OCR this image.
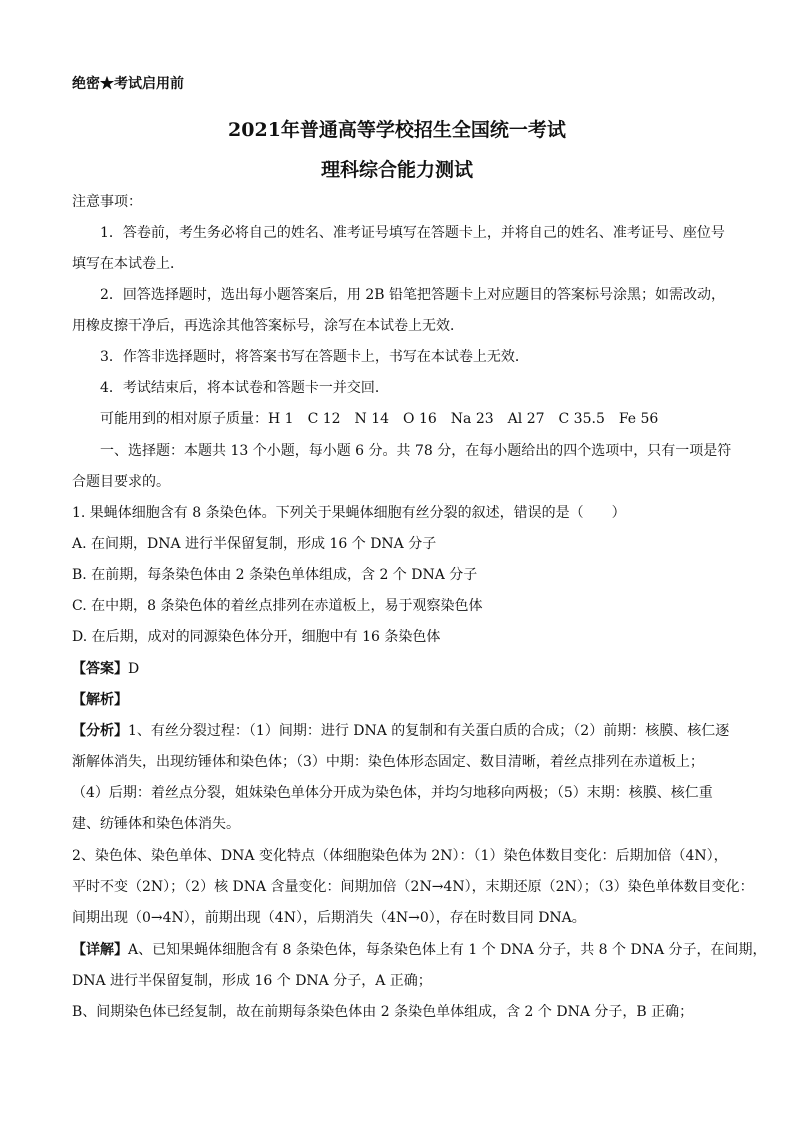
绝密★考试启用前
2021年普通高等学校招生全国统一考试
理科综合能力测试
注意事项：
1．答卷前，考生务必将自己的姓名、准考证号填写在答题卡上，并将自己的姓名、准考证号、座位号
填写在本试卷上．
2．回答选择题时，选出每小题答案后，用 2B 铅笔把答题卡上对应题目的答案标号涂黑；如需改动，
用橡皮擦干净后，再选涂其他答案标号，涂写在本试卷上无效．
3．作答非选择题时，将答案书写在答题卡上，书写在本试卷上无效．
4．考试结束后，将本试卷和答题卡一并交回．
可能用到的相对原子质量：H 1　C 12　N 14　O 16　Na 23　Al 27　C 35.5　Fe 56
一、选择题：本题共 13 个小题，每小题 6 分。共 78 分，在每小题给出的四个选项中，只有一项是符
合题目要求的。
1. 果蝇体细胞含有 8 条染色体。下列关于果蝇体细胞有丝分裂的叙述，错误的是（　　）
A. 在间期，DNA 进行半保留复制，形成 16 个 DNA 分子
B. 在前期，每条染色体由 2 条染色单体组成，含 2 个 DNA 分子
C. 在中期，8 条染色体的着丝点排列在赤道板上，易于观察染色体
D. 在后期，成对的同源染色体分开，细胞中有 16 条染色体
【答案】D
【解析】
【分析】1、有丝分裂过程：（1）间期：进行 DNA 的复制和有关蛋白质的合成；（2）前期：核膜、核仁逐
渐解体消失，出现纺锤体和染色体；（3）中期：染色体形态固定、数目清晰，着丝点排列在赤道板上；
（4）后期：着丝点分裂，姐妹染色单体分开成为染色体，并均匀地移向两极；（5）末期：核膜、核仁重
建、纺锤体和染色体消失。
2、染色体、染色单体、DNA 变化特点（体细胞染色体为 2N）：（1）染色体数目变化：后期加倍（4N），
平时不变（2N）；（2）核 DNA 含量变化：间期加倍（2N→4N），末期还原（2N）；（3）染色单体数目变化：
间期出现（0→4N），前期出现（4N），后期消失（4N→0），存在时数目同 DNA。
【详解】A、已知果蝇体细胞含有 8 条染色体，每条染色体上有 1 个 DNA 分子，共 8 个 DNA 分子，在间期，
DNA 进行半保留复制，形成 16 个 DNA 分子，A 正确；
B、间期染色体已经复制，故在前期每条染色体由 2 条染色单体组成，含 2 个 DNA 分子，B 正确；
